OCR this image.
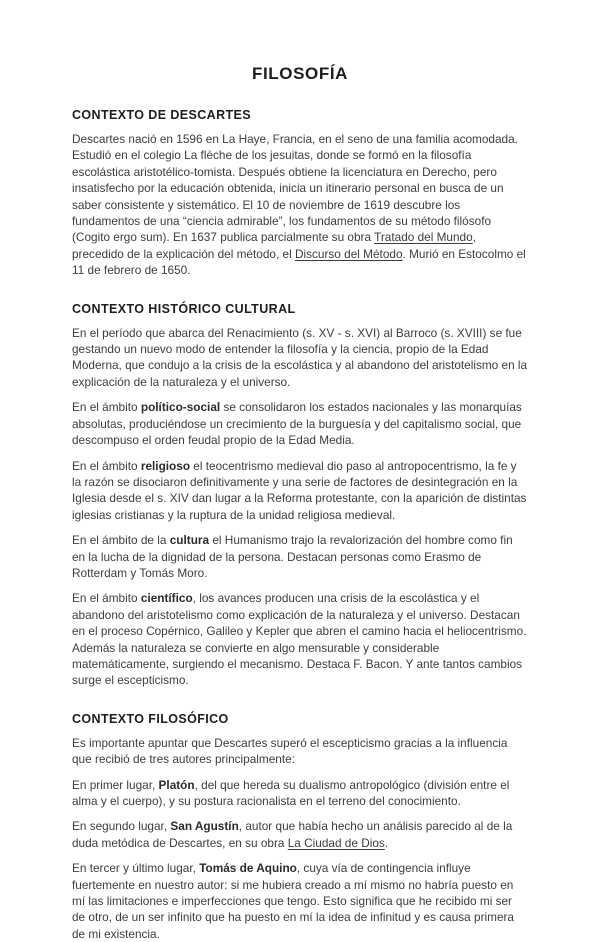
FILOSOFÍA
CONTEXTO DE DESCARTES

Descartes nació en 1596 en La Haye, Francia, en el seno de una familia acomodada. Estudió en el colegio La flèche de los jesuitas, donde se formó en la filosofía escolástica aristotélico-tomista. Después obtiene la licenciatura en Derecho, pero insatisfecho por la educación obtenida, inicia un itinerario personal en busca de un saber consistente y sistemático. El 10 de noviembre de 1619 descubre los fundamentos de una “ciencia admirable”, los fundamentos de su método filósofo (Cogito ergo sum). En 1637 publica parcialmente su obra Tratado del Mundo, precedido de la explicación del método, el Discurso del Método. Murió en Estocolmo el 11 de febrero de 1650.

CONTEXTO HISTÓRICO CULTURAL

En el período que abarca del Renacimiento (s. XV - s. XVI) al Barroco (s. XVIII) se fue gestando un nuevo modo de entender la filosofía y la ciencia, propio de la Edad Moderna, que condujo a la crisis de la escolástica y al abandono del aristotelismo en la explicación de la naturaleza y el universo.

En el ámbito político-social se consolidaron los estados nacionales y las monarquías absolutas, produciéndose un crecimiento de la burguesía y del capitalismo social, que descompuso el orden feudal propio de la Edad Media.

En el ámbito religioso el teocentrismo medieval dio paso al antropocentrismo, la fe y la razón se disociaron definitivamente y una serie de factores de desintegración en la Iglesia desde el s. XIV dan lugar a la Reforma protestante, con la aparición de distintas iglesias cristianas y la ruptura de la unidad religiosa medieval.

En el ámbito de la cultura el Humanismo trajo la revalorización del hombre como fin en la lucha de la dignidad de la persona. Destacan personas como Erasmo de Rotterdam y Tomás Moro.

En el ámbito científico, los avances producen una crisis de la escolástica y el abandono del aristotelismo como explicación de la naturaleza y el universo. Destacan en el proceso Copérnico, Galileo y Kepler que abren el camino hacia el heliocentrismo. Además la naturaleza se convierte en algo mensurable y considerable matemáticamente, surgiendo el mecanismo. Destaca F. Bacon. Y ante tantos cambios surge el escepticismo.

CONTEXTO FILOSÓFICO

Es importante apuntar que Descartes superó el escepticismo gracias a la influencia que recibió de tres autores principalmente:

En primer lugar, Platón, del que hereda su dualismo antropológico (división entre el alma y el cuerpo), y su postura racionalista en el terreno del conocimiento.

En segundo lugar, San Agustín, autor que había hecho un análisis parecido al de la duda metódica de Descartes, en su obra La Ciudad de Dios.

En tercer y último lugar, Tomás de Aquino, cuya vía de contingencia influye fuertemente en nuestro autor: si me hubiera creado a mí mismo no habría puesto en mí las limitaciones e imperfecciones que tengo. Esto significa que he recibido mi ser de otro, de un ser infinito que ha puesto en mí la idea de infinitud y es causa primera de mi existencia.
